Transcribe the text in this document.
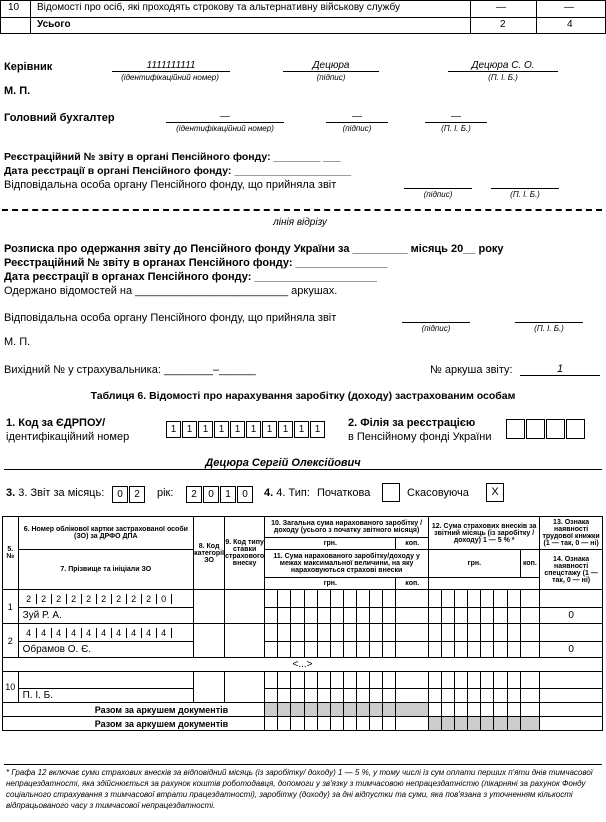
10 Відомості про осіб, які проходять строкову та альтернативну військову службу	—	—
Усього	2	4
Керівник	1111111111
(ідентифікаційний номер)
Децюра
(підпис)
Децюра С. О.
(П. І. Б.)
М. П.
Головний бухгалтер	—
(ідентифікаційний номер)
—
(підпис)
—
(П. І. Б.)
Реєстраційний № звіту в органі Пенсійного фонду: ________ ___
Дата реєстрації в органі Пенсійного фонду: ____________________
Відповідальна особа органу Пенсійного фонду, що прийняла звіт
(підпис)	(П. І. Б.)
лінія відрізу
Розписка про одержання звіту до Пенсійного фонду України за _________ місяць 20__ року
Реєстраційний № звіту в органах Пенсійного фонду: _______________
Дата реєстрації в органах Пенсійного фонду: ____________________
Одержано відомостей на _________________________ аркушах.
Відповідальна особа органу Пенсійного фонду, що прийняла звіт
(підпис)	(П. І. Б.)
М. П.
Вихідний № у страхувальника: ________–______	№ аркуша звіту:	1
Таблиця 6. Відомості про нарахування заробітку (доходу) застрахованим особам
1. Код за ЄДРПОУ/
ідентифікаційний номер
1 1 1 1 1 1 1 1 1 1
2. Філія за реєстрацією
в Пенсійному фонді України
Децюра Сергій Олексійович
3. 3. Звіт за місяць:	0 2	рік:	2 0 1 0	4. 4. Тип: Початкова	Скасовуюча	X
5. №	6. Номер облікової картки застрахованої особи (ЗО) за ДРФО ДПА	8. Код категорії ЗО	9. Код типу ставки страхового внеску	10. Загальна сума нарахованого заробітку / доходу (усього з початку звітного місяця)											12. Сума страхових внесків за звітний місяць (із заробітку / доходу) 1 — 5 % *								13. Ознака наявності трудової книжки (1 — так, 0 — ні)
				грн.										коп.									
	7. Прізвище та ініціали ЗО			11. Сума нарахованого заробітку/доходу у межах максимальної величини, на яку нараховуються страхові внески											грн.							коп.	14. Ознака наявності спецстажу (1 — так, 0 — ні)
				грн.										коп.									
1	2 2 2 2 2 2 2 2 2 0																						
	Зуй Р. А.																						0
2	4 4 4 4 4 4 4 4 4 4																						
	Обрамов О. Є.																						0
<...>																							
10																							
	П. І. Б.																						
Разом за аркушем документів																							
Разом за аркушем документів																							
* Графа 12 включає суми страхових внесків за відповідний місяць (із заробітку/ доходу) 1 — 5 %, у тому числі із сум оплати перших п'яти днів тимчасової непрацездатності, яка здійснюється за рахунок коштів роботодавця, допомоги у зв'язку з тимчасовою непрацездатністю (лікарняні за рахунок Фонду соціального страхування з тимчасової втрати працездатності), заробітку (доходу) за дні відпустки та суми, яка пов'язана з уточненням кількості відпрацьованого часу з тимчасової непрацездатності.
